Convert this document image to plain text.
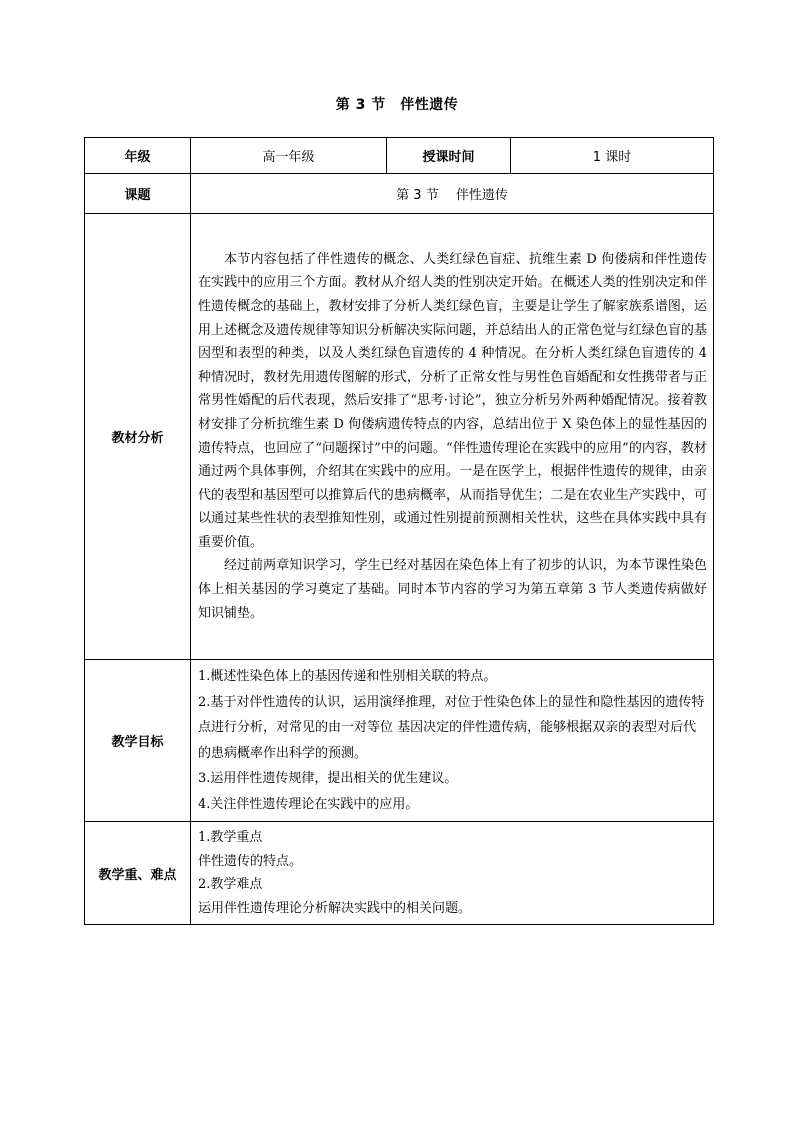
第 3 节　伴性遗传
年级	高一年级	授课时间	1 课时
课题	第 3 节　 伴性遗传		
教材分析	本节内容包括了伴性遗传的概念、人类红绿色盲症、抗维生素 D 佝偻病和伴性遗传在实践中的应用三个方面。教材从介绍人类的性别决定开始。在概述人类的性别决定和伴性遗传概念的基础上，教材安排了分析人类红绿色盲，主要是让学生了解家族系谱图，运用上述概念及遗传规律等知识分析解决实际问题，并总结出人的正常色觉与红绿色盲的基因型和表型的种类，以及人类红绿色盲遗传的 4 种情况。在分析人类红绿色盲遗传的 4 种情况时，教材先用遗传图解的形式，分析了正常女性与男性色盲婚配和女性携带者与正常男性婚配的后代表现，然后安排了“思考·讨论”，独立分析另外两种婚配情况。接着教材安排了分析抗维生素 D 佝偻病遗传特点的内容，总结出位于 X 染色体上的显性基因的遗传特点，也回应了“问题探讨”中的问题。“伴性遗传理论在实践中的应用”的内容，教材通过两个具体事例，介绍其在实践中的应用。一是在医学上，根据伴性遗传的规律，由亲代的表型和基因型可以推算后代的患病概率，从而指导优生；二是在农业生产实践中，可以通过某些性状的表型推知性别，或通过性别提前预测相关性状，这些在具体实践中具有重要价值。

经过前两章知识学习，学生已经对基因在染色体上有了初步的认识，为本节课性染色体上相关基因的学习奠定了基础。同时本节内容的学习为第五章第 3 节人类遗传病做好知识铺垫。		

教学目标	1.概述性染色体上的基因传递和性别相关联的特点。

2.基于对伴性遗传的认识，运用演绎推理，对位于性染色体上的显性和隐性基因的遗传特点进行分析，对常见的由一对等位 基因决定的伴性遗传病，能够根据双亲的表型对后代的患病概率作出科学的预测。

3.运用伴性遗传规律，提出相关的优生建议。

4.关注伴性遗传理论在实践中的应用。		

教学重、难点	1.教学重点

伴性遗传的特点。

2.教学难点

运用伴性遗传理论分析解决实践中的相关问题。		
